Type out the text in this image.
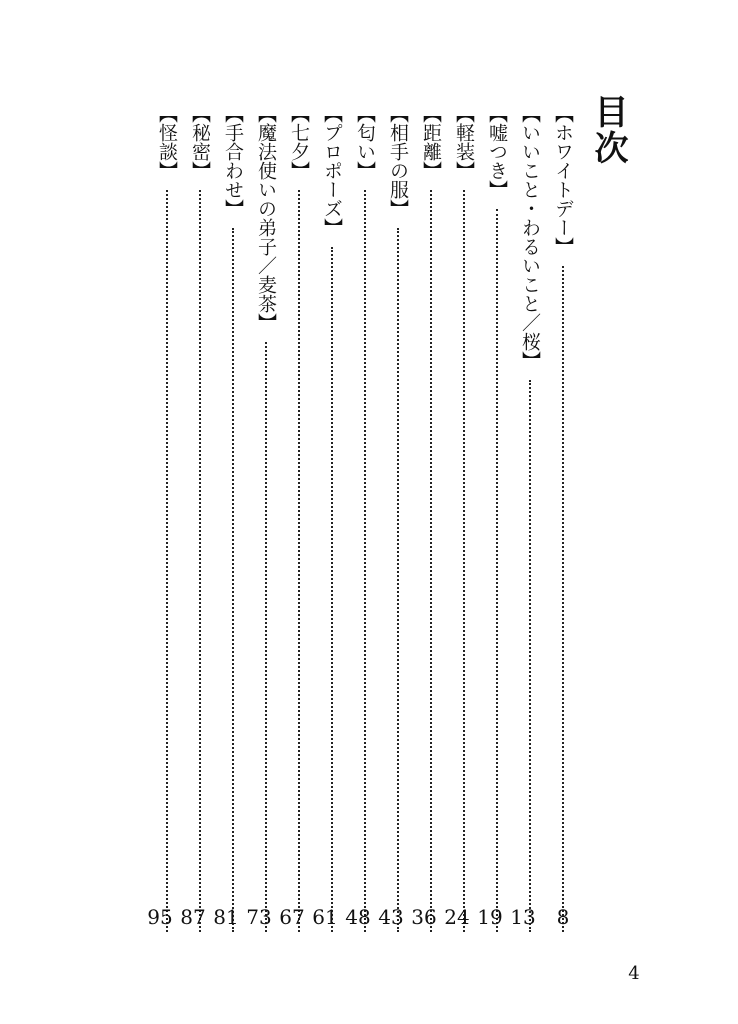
目次
【ホワイトデー】
【いいこと・わるいこと／桜】
【嘘つき】
【軽装】
【距離】
【相手の服】
【匂い】
【プロポーズ】
【七夕】
【魔法使いの弟子／麦茶】
【手合わせ】
【秘密】
【怪談】
8
13
19
24
36
43
48
61
67
73
81
87
95
4
